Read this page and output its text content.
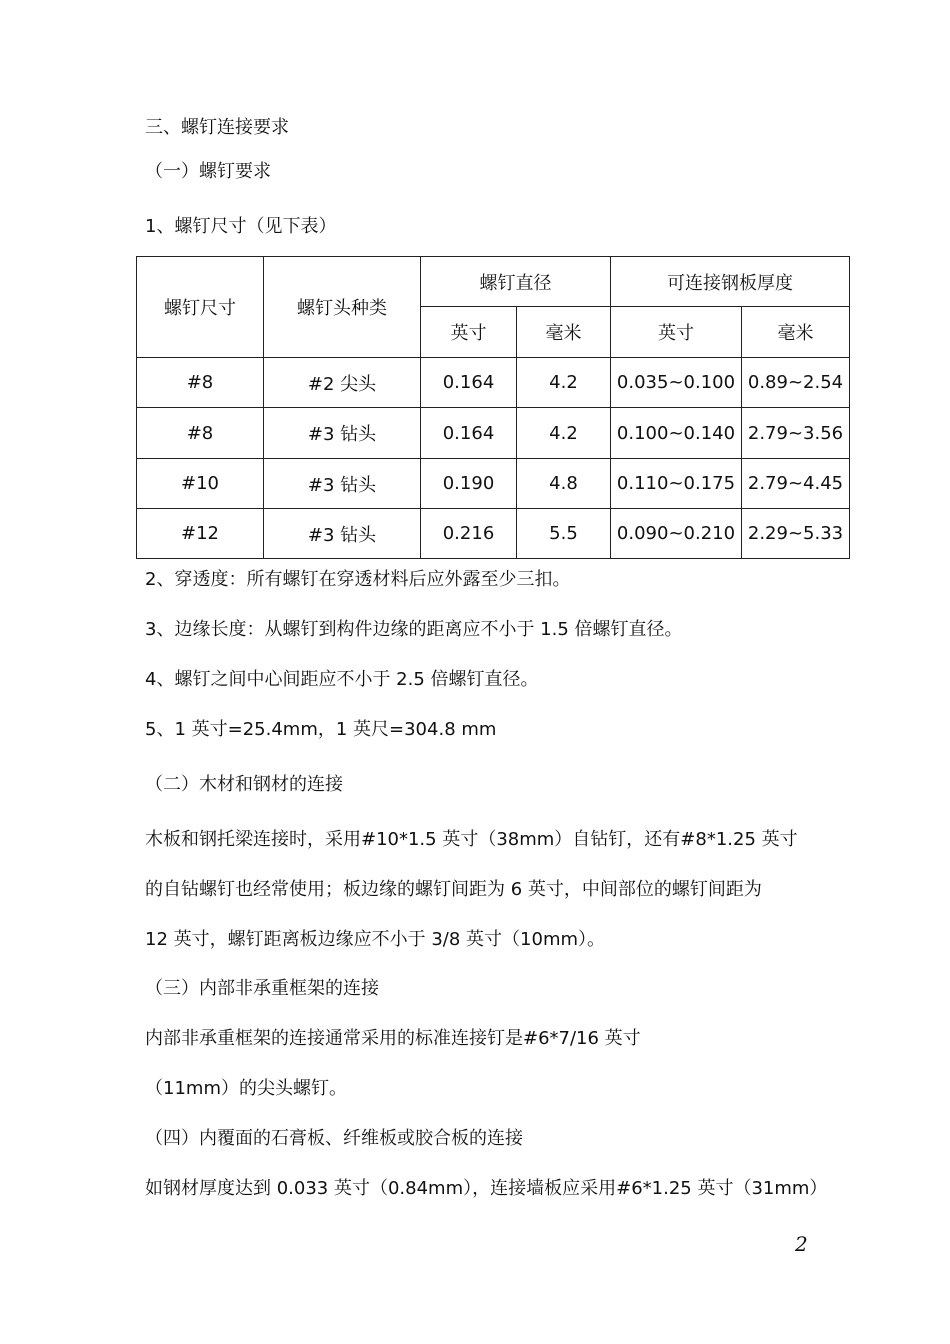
三、螺钉连接要求
（一）螺钉要求
1、螺钉尺寸（见下表）
螺钉尺寸	螺钉头种类	螺钉直径		可连接钢板厚度	
		英寸	毫米	英寸	毫米
#8	#2 尖头	0.164	4.2	0.035~0.100	0.89~2.54
#8	#3 钻头	0.164	4.2	0.100~0.140	2.79~3.56
#10	#3 钻头	0.190	4.8	0.110~0.175	2.79~4.45
#12	#3 钻头	0.216	5.5	0.090~0.210	2.29~5.33
2、穿透度：所有螺钉在穿透材料后应外露至少三扣。
3、边缘长度：从螺钉到构件边缘的距离应不小于 1.5 倍螺钉直径。
4、螺钉之间中心间距应不小于 2.5 倍螺钉直径。
5、1 英寸=25.4mm，1 英尺=304.8 mm
（二）木材和钢材的连接
木板和钢托梁连接时，采用#10*1.5 英寸（38mm）自钻钉，还有#8*1.25 英寸
的自钻螺钉也经常使用；板边缘的螺钉间距为 6 英寸，中间部位的螺钉间距为
12 英寸，螺钉距离板边缘应不小于 3/8 英寸（10mm）。
（三）内部非承重框架的连接
内部非承重框架的连接通常采用的标准连接钉是#6*7/16 英寸
（11mm）的尖头螺钉。
（四）内覆面的石膏板、纤维板或胶合板的连接
如钢材厚度达到 0.033 英寸（0.84mm），连接墙板应采用#6*1.25 英寸（31mm）
2
